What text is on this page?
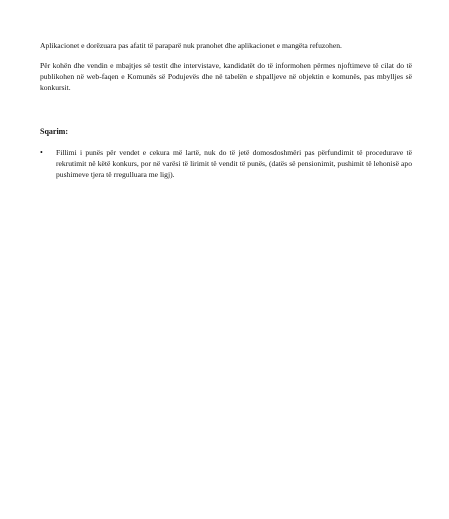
Aplikacionet e dorëzuara pas afatit të paraparë nuk pranohet dhe aplikacionet e mangëta refuzohen.

Për kohën dhe vendin e mbajtjes së testit dhe intervistave, kandidatët do të informohen përmes njoftimeve të cilat do të publikohen në web-faqen e Komunës së Podujevës dhe në tabelën e shpalljeve në objektin e komunës, pas mbylljes së konkursit.

Sqarim:
• Fillimi i punës për vendet e cekura më lartë, nuk do të jetë domosdoshmëri pas përfundimit të procedurave të rekrutimit në këtë konkurs, por në varësi të lirimit të vendit të punës, (datës së pensionimit, pushimit të lehonisë apo pushimeve tjera të rregulluara me ligj).
